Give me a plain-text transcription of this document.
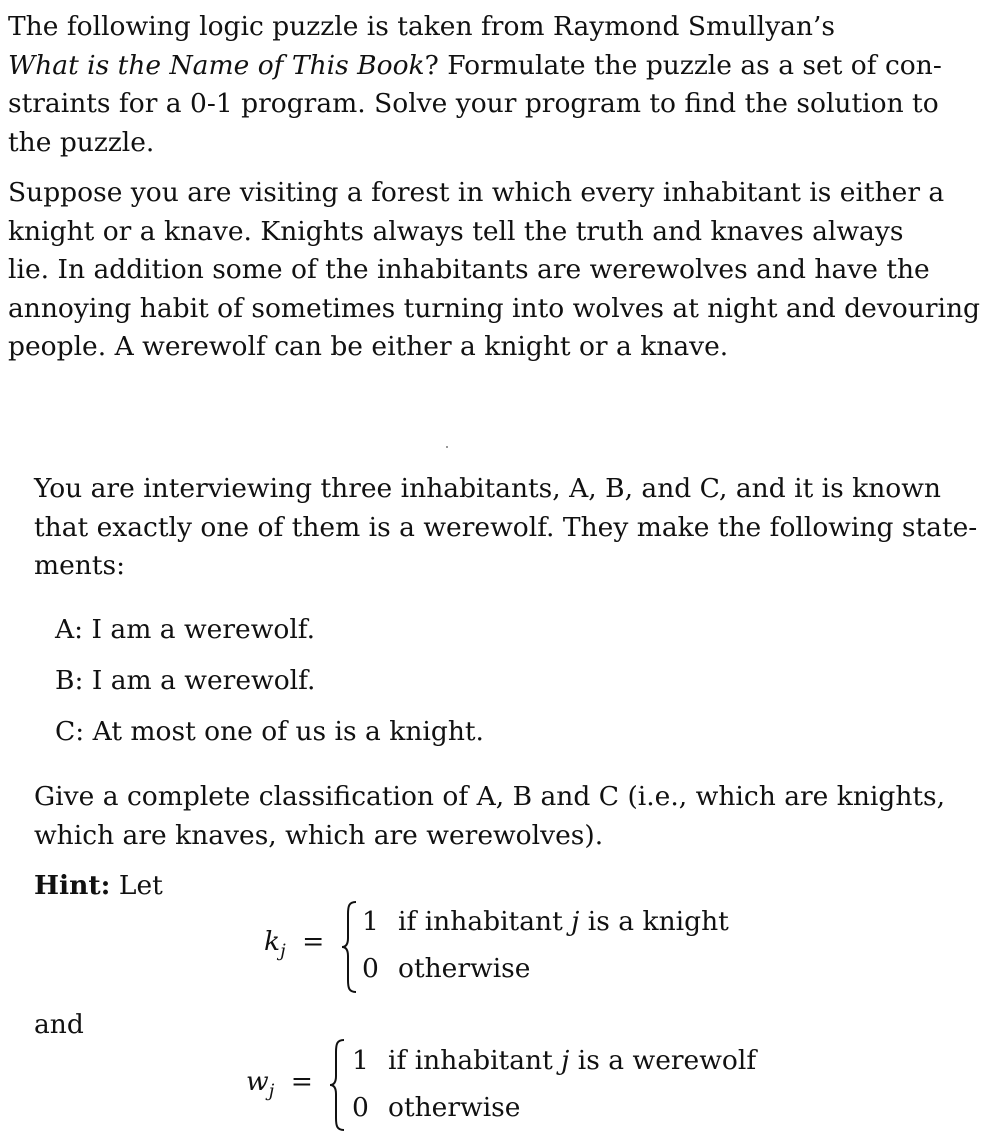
The following logic puzzle is taken from Raymond Smullyan’s
What is the Name of This Book? Formulate the puzzle as a set of con-
straints for a 0-1 program. Solve your program to find the solution to
the puzzle.
Suppose you are visiting a forest in which every inhabitant is either a
knight or a knave. Knights always tell the truth and knaves always
lie. In addition some of the inhabitants are werewolves and have the
annoying habit of sometimes turning into wolves at night and devouring
people. A werewolf can be either a knight or a knave.
You are interviewing three inhabitants, A, B, and C, and it is known
that exactly one of them is a werewolf. They make the following state-
ments:
A: I am a werewolf.
B: I am a werewolf.
C: At most one of us is a knight.
Give a complete classification of A, B and C (i.e., which are knights,
which are knaves, which are werewolves).
Hint: Let
$k_j$ =
1 if inhabitant j is a knight
0 otherwise
and
$w_j$ =
1 if inhabitant j is a werewolf
0 otherwise
